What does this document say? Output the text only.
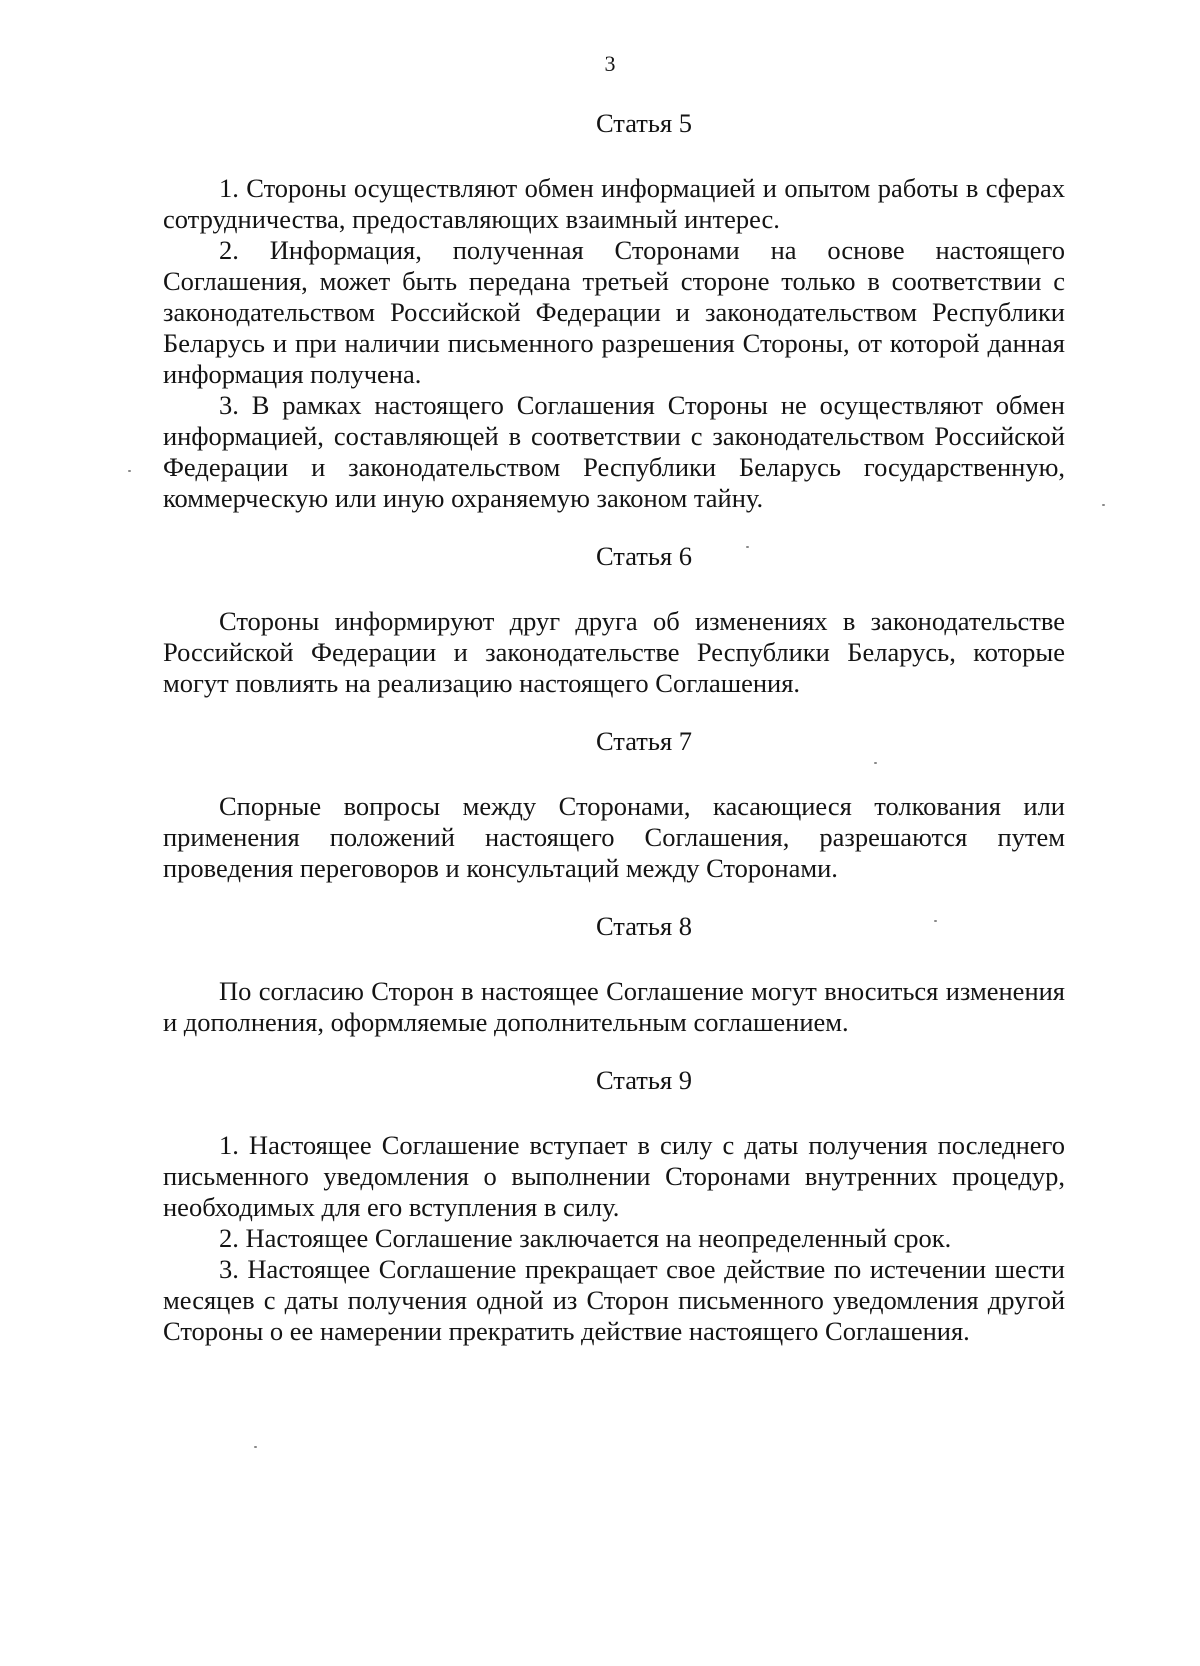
3
Статья 5

1. Стороны осуществляют обмен информацией и опытом работы в сферах сотрудничества, предоставляющих взаимный интерес.

2. Информация, полученная Сторонами на основе настоящего Соглашения, может быть передана третьей стороне только в соответствии с законодательством Российской Федерации и законодательством Республики Беларусь и при наличии письменного разрешения Стороны, от которой данная информация получена.

3. В рамках настоящего Соглашения Стороны не осуществляют обмен информацией, составляющей в соответствии с законодательством Российской Федерации и законодательством Республики Беларусь государственную, коммерческую или иную охраняемую законом тайну.

Статья 6

Стороны информируют друг друга об изменениях в законодательстве Российской Федерации и законодательстве Республики Беларусь, которые могут повлиять на реализацию настоящего Соглашения.

Статья 7

Спорные вопросы между Сторонами, касающиеся толкования или применения положений настоящего Соглашения, разрешаются путем проведения переговоров и консультаций между Сторонами.

Статья 8

По согласию Сторон в настоящее Соглашение могут вноситься изменения и дополнения, оформляемые дополнительным соглашением.

Статья 9

1. Настоящее Соглашение вступает в силу с даты получения последнего письменного уведомления о выполнении Сторонами внутренних процедур, необходимых для его вступления в силу.

2. Настоящее Соглашение заключается на неопределенный срок.

3. Настоящее Соглашение прекращает свое действие по истечении шести месяцев с даты получения одной из Сторон письменного уведомления другой Стороны о ее намерении прекратить действие настоящего Соглашения.
